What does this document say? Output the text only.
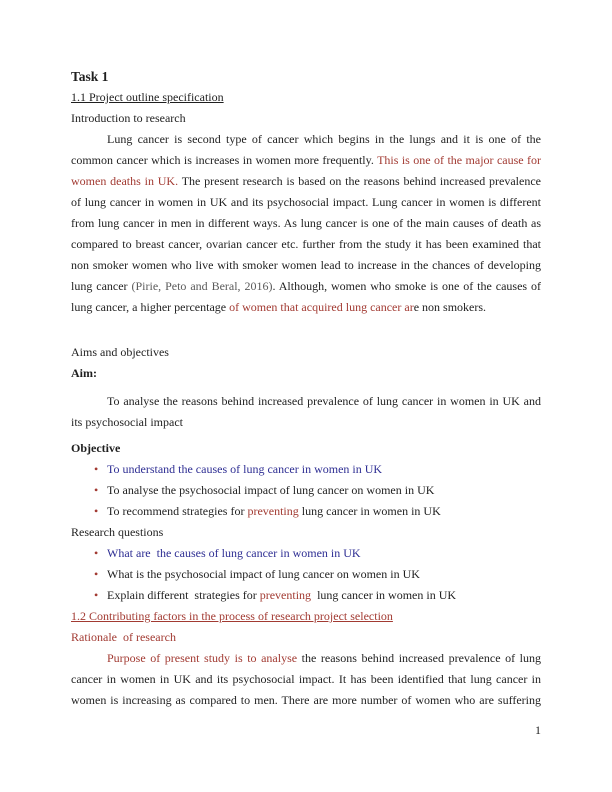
Task 1
1.1 Project outline specification
Introduction to research

Lung cancer is second type of cancer which begins in the lungs and it is one of the common cancer which is increases in women more frequently. This is one of the major cause for women deaths in UK. The present research is based on the reasons behind increased prevalence of lung cancer in women in UK and its psychosocial impact. Lung cancer in women is different from lung cancer in men in different ways. As lung cancer is one of the main causes of death as compared to breast cancer, ovarian cancer etc. further from the study it has been examined that non smoker women who live with smoker women lead to increase in the chances of developing lung cancer (Pirie, Peto and Beral, 2016). Although, women who smoke is one of the causes of lung cancer, a higher percentage of women that acquired lung cancer are non smokers.

Aims and objectives
Aim:

To analyse the reasons behind increased prevalence of lung cancer in women in UK and its psychosocial impact

Objective
• To understand the causes of lung cancer in women in UK
• To analyse the psychosocial impact of lung cancer on women in UK
• To recommend strategies for preventing lung cancer in women in UK
Research questions
• What are  the causes of lung cancer in women in UK
• What is the psychosocial impact of lung cancer on women in UK
• Explain different  strategies for preventing  lung cancer in women in UK
1.2 Contributing factors in the process of research project selection
Rationale  of research

Purpose of present study is to analyse the reasons behind increased prevalence of lung cancer in women in UK and its psychosocial impact. It has been identified that lung cancer in women is increasing as compared to men. There are more number of women who are suffering

1
